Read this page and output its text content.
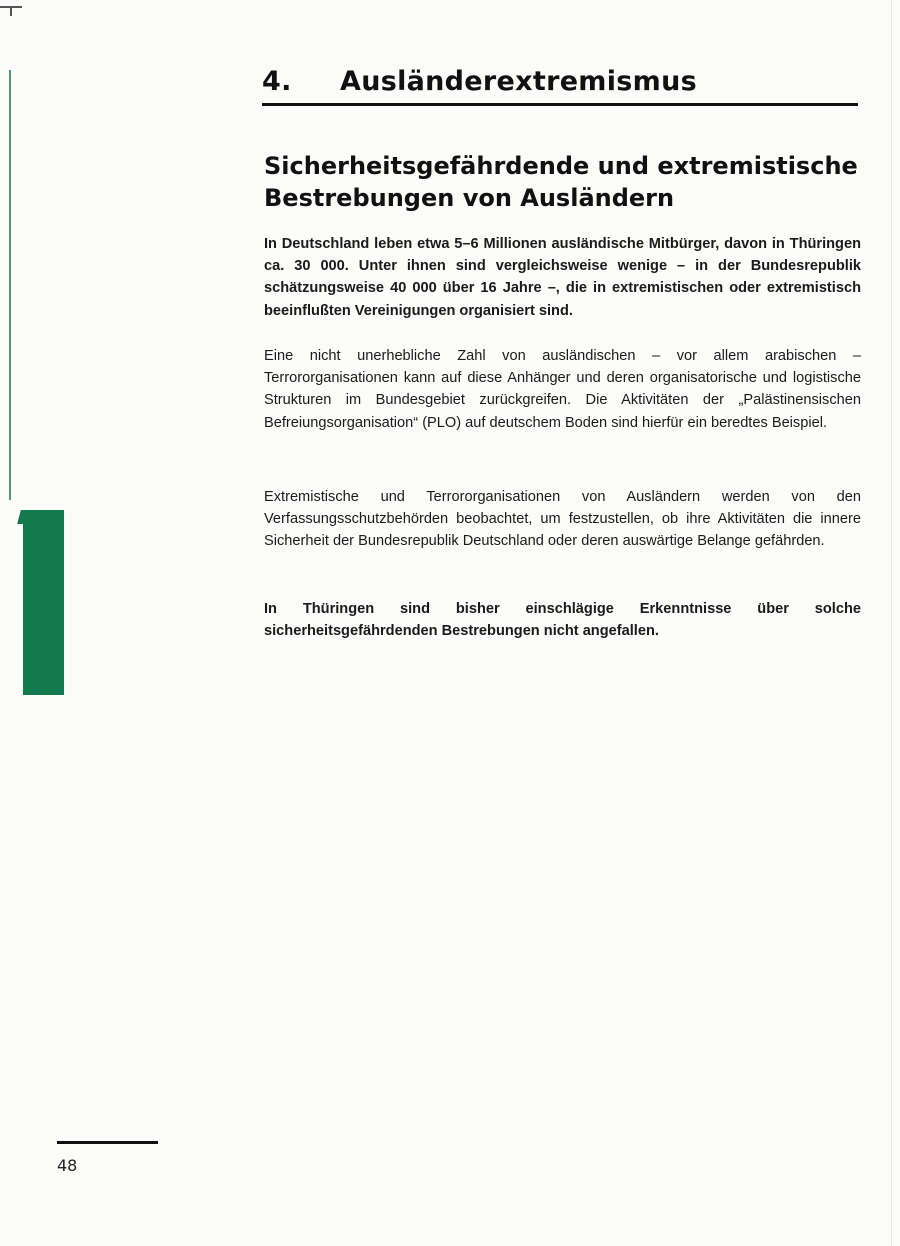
4. Ausländerextremismus
Sicherheitsgefährdende und extremistische Bestrebungen von Ausländern

In Deutschland leben etwa 5–6 Millionen ausländische Mitbürger, davon in Thüringen ca. 30 000. Unter ihnen sind vergleichsweise wenige – in der Bundesrepublik schätzungsweise 40 000 über 16 Jahre –, die in extremistischen oder extremistisch beeinflußten Vereinigungen organisiert sind.

Eine nicht unerhebliche Zahl von ausländischen – vor allem arabischen – Terrororganisationen kann auf diese Anhänger und deren organisatorische und logistische Strukturen im Bundesgebiet zurückgreifen. Die Aktivitäten der „Palästinensischen Befreiungsorganisation“ (PLO) auf deutschem Boden sind hierfür ein beredtes Beispiel.

Extremistische und Terrororganisationen von Ausländern werden von den Verfassungsschutzbehörden beobachtet, um festzustellen, ob ihre Aktivitäten die innere Sicherheit der Bundesrepublik Deutschland oder deren auswärtige Belange gefährden.

In Thüringen sind bisher einschlägige Erkenntnisse über solche sicherheitsgefährdenden Bestrebungen nicht angefallen.

48
